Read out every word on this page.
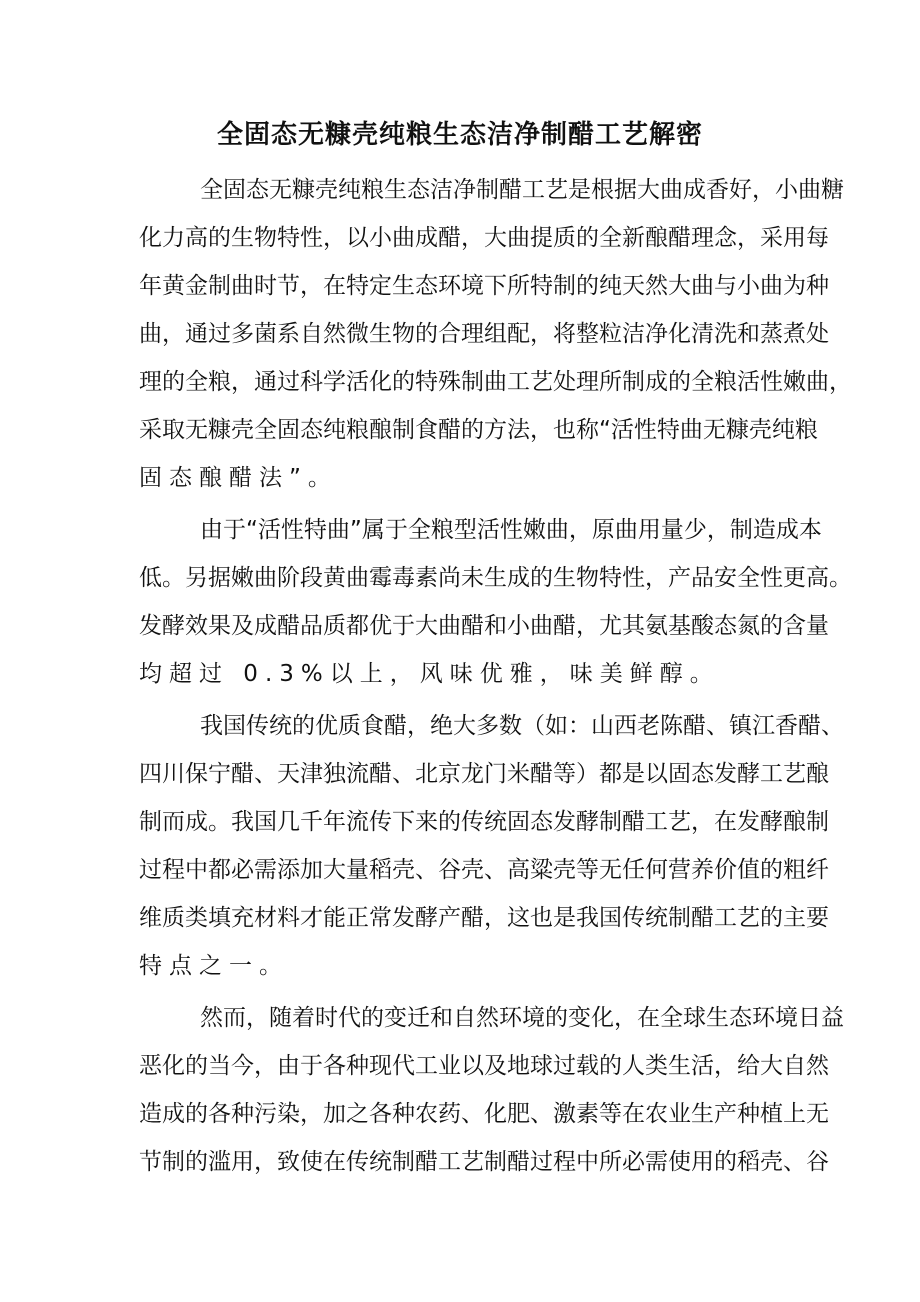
全固态无糠壳纯粮生态洁净制醋工艺解密
全固态无糠壳纯粮生态洁净制醋工艺是根据大曲成香好，小曲糖
化力高的生物特性，以小曲成醋，大曲提质的全新酿醋理念，采用每
年黄金制曲时节，在特定生态环境下所特制的纯天然大曲与小曲为种
曲，通过多菌系自然微生物的合理组配，将整粒洁净化清洗和蒸煮处
理的全粮，通过科学活化的特殊制曲工艺处理所制成的全粮活性嫩曲，
采取无糠壳全固态纯粮酿制食醋的方法，也称“活性特曲无糠壳纯粮
固态酿醋法”。
由于“活性特曲”属于全粮型活性嫩曲，原曲用量少，制造成本
低。另据嫩曲阶段黄曲霉毒素尚未生成的生物特性，产品安全性更高。
发酵效果及成醋品质都优于大曲醋和小曲醋，尤其氨基酸态氮的含量
均超过 0.3%以上，风味优雅，味美鲜醇。
我国传统的优质食醋，绝大多数（如：山西老陈醋、镇江香醋、
四川保宁醋、天津独流醋、北京龙门米醋等）都是以固态发酵工艺酿
制而成。我国几千年流传下来的传统固态发酵制醋工艺，在发酵酿制
过程中都必需添加大量稻壳、谷壳、高粱壳等无任何营养价值的粗纤
维质类填充材料才能正常发酵产醋，这也是我国传统制醋工艺的主要
特点之一。
然而，随着时代的变迁和自然环境的变化，在全球生态环境日益
恶化的当今，由于各种现代工业以及地球过载的人类生活，给大自然
造成的各种污染，加之各种农药、化肥、激素等在农业生产种植上无
节制的滥用，致使在传统制醋工艺制醋过程中所必需使用的稻壳、谷
